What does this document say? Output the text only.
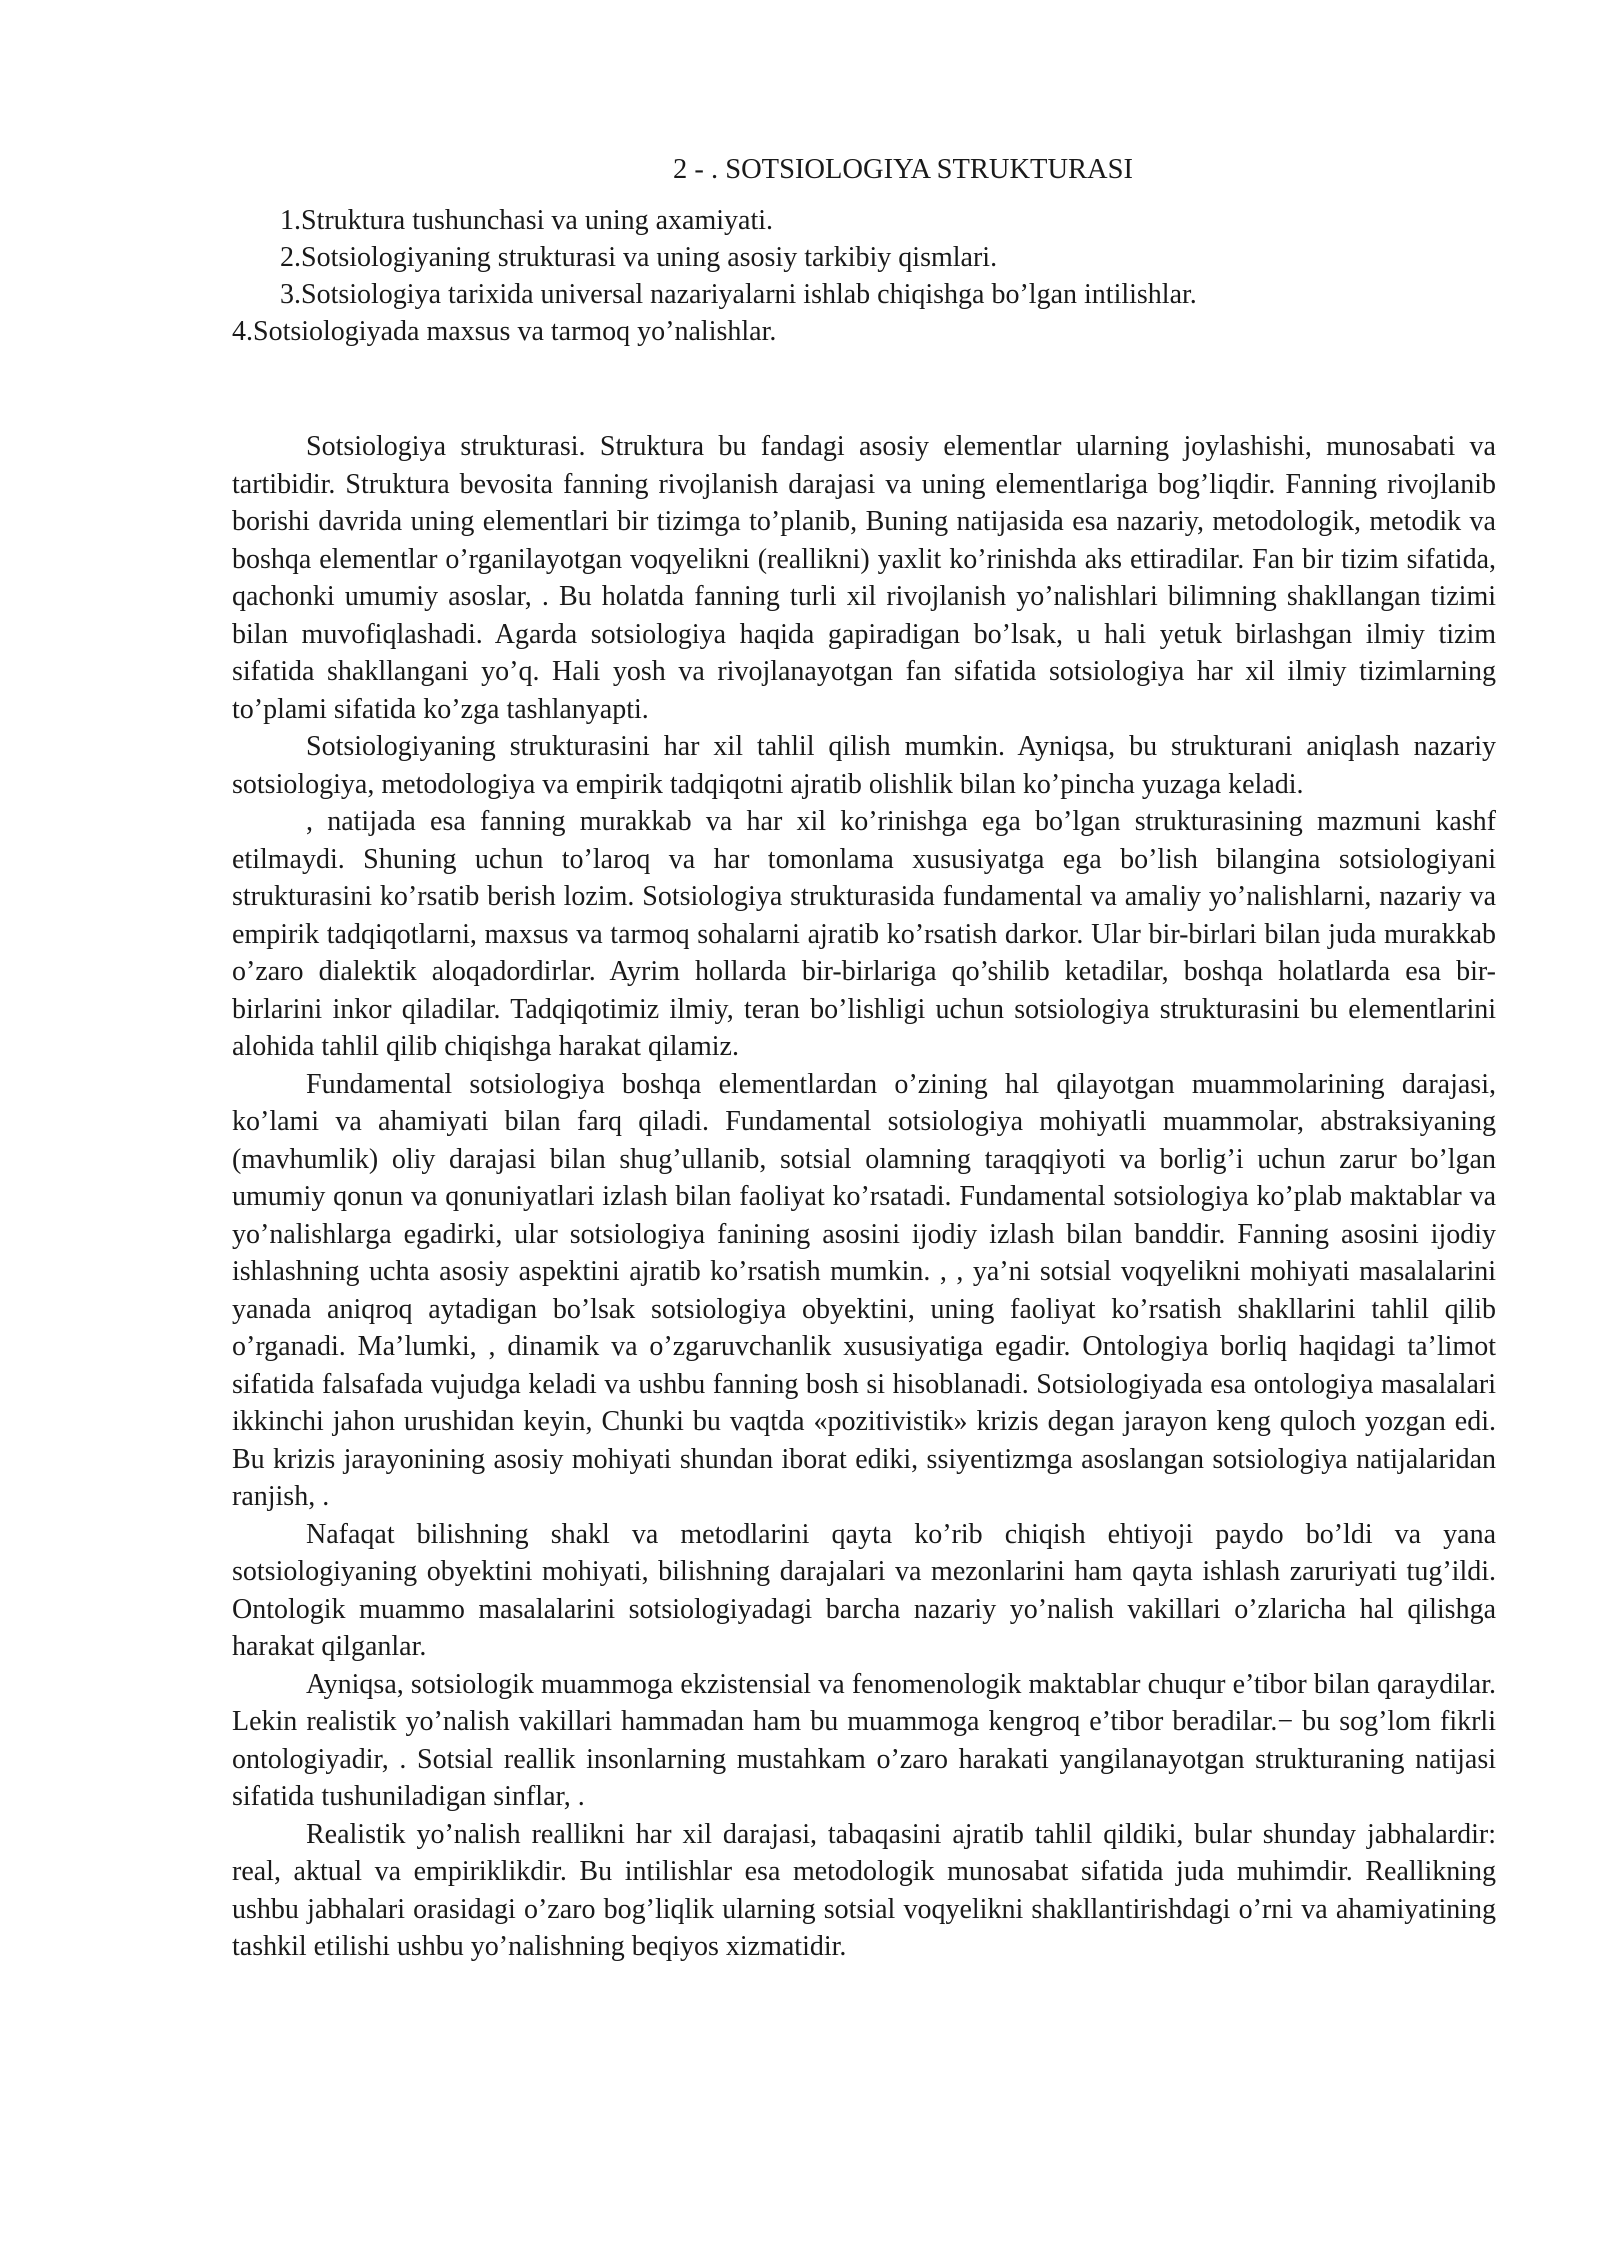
2 - . SOTSIOLOGIYA STRUKTURASI
1.Struktura tushunchasi va uning axamiyati.
2.Sotsiologiyaning strukturasi va uning asosiy tarkibiy qismlari.
3.Sotsiologiya tarixida universal nazariyalarni ishlab chiqishga bo’lgan intilishlar.
4.Sotsiologiyada maxsus va tarmoq yo’nalishlar.

Sotsiologiya strukturasi. Struktura bu fandagi asosiy elementlar ularning joylashishi, munosabati va tartibidir. Struktura bevosita fanning rivojlanish darajasi va uning elementlariga bog’liqdir. Fanning rivojlanib borishi davrida uning elementlari bir tizimga to’planib, Buning natijasida esa nazariy, metodologik, metodik va boshqa elementlar o’rganilayotgan voqyelikni (reallikni) yaxlit ko’rinishda aks ettiradilar. Fan bir tizim sifatida, qachonki umumiy asoslar, . Bu holatda fanning turli xil rivojlanish yo’nalishlari bilimning shakllangan tizimi bilan muvofiqlashadi. Agarda sotsiologiya haqida gapiradigan bo’lsak, u hali yetuk birlashgan ilmiy tizim sifatida shakllangani yo’q. Hali yosh va rivojlanayotgan fan sifatida sotsiologiya har xil ilmiy tizimlarning to’plami sifatida ko’zga tashlanyapti.

Sotsiologiyaning strukturasini har xil tahlil qilish mumkin. Ayniqsa, bu strukturani aniqlash nazariy sotsiologiya, metodologiya va empirik tadqiqotni ajratib olishlik bilan ko’pincha yuzaga keladi.

, natijada esa fanning murakkab va har xil ko’rinishga ega bo’lgan strukturasining mazmuni kashf etilmaydi. Shuning uchun to’laroq va har tomonlama xususiyatga ega bo’lish bilangina sotsiologiyani strukturasini ko’rsatib berish lozim. Sotsiologiya strukturasida fundamental va amaliy yo’nalishlarni, nazariy va empirik tadqiqotlarni, maxsus va tarmoq sohalarni ajratib ko’rsatish darkor. Ular bir-birlari bilan juda murakkab o’zaro dialektik aloqadordirlar. Ayrim hollarda bir-birlariga qo’shilib ketadilar, boshqa holatlarda esa bir-birlarini inkor qiladilar. Tadqiqotimiz ilmiy, teran bo’lishligi uchun sotsiologiya strukturasini bu elementlarini alohida tahlil qilib chiqishga harakat qilamiz.

Fundamental sotsiologiya boshqa elementlardan o’zining hal qilayotgan muammolarining darajasi, ko’lami va ahamiyati bilan farq qiladi. Fundamental sotsiologiya mohiyatli muammolar, abstraksiyaning (mavhumlik) oliy darajasi bilan shug’ullanib, sotsial olamning taraqqiyoti va borlig’i uchun zarur bo’lgan umumiy qonun va qonuniyatlari izlash bilan faoliyat ko’rsatadi. Fundamental sotsiologiya ko’plab maktablar va yo’nalishlarga egadirki, ular sotsiologiya fanining asosini ijodiy izlash bilan banddir. Fanning asosini ijodiy ishlashning uchta asosiy aspektini ajratib ko’rsatish mumkin. , , ya’ni sotsial voqyelikni mohiyati masalalarini yanada aniqroq aytadigan bo’lsak sotsiologiya obyektini, uning faoliyat ko’rsatish shakllarini tahlil qilib o’rganadi. Ma’lumki, , dinamik va o’zgaruvchanlik xususiyatiga egadir. Ontologiya borliq haqidagi ta’limot sifatida falsafada vujudga keladi va ushbu fanning bosh si hisoblanadi. Sotsiologiyada esa ontologiya masalalari ikkinchi jahon urushidan keyin, Chunki bu vaqtda «pozitivistik» krizis degan jarayon keng quloch yozgan edi. Bu krizis jarayonining asosiy mohiyati shundan iborat ediki, ssiyentizmga asoslangan sotsiologiya natijalaridan ranjish, .

Nafaqat bilishning shakl va metodlarini qayta ko’rib chiqish ehtiyoji paydo bo’ldi va yana sotsiologiyaning obyektini mohiyati, bilishning darajalari va mezonlarini ham qayta ishlash zaruriyati tug’ildi. Ontologik muammo masalalarini sotsiologiyadagi barcha nazariy yo’nalish vakillari o’zlaricha hal qilishga harakat qilganlar.

Ayniqsa, sotsiologik muammoga ekzistensial va fenomenologik maktablar chuqur e’tibor bilan qaraydilar. Lekin realistik yo’nalish vakillari hammadan ham bu muammoga kengroq e’tibor beradilar.− bu sog’lom fikrli ontologiyadir, . Sotsial reallik insonlarning mustahkam o’zaro harakati yangilanayotgan strukturaning natijasi sifatida tushuniladigan sinflar, .

Realistik yo’nalish reallikni har xil darajasi, tabaqasini ajratib tahlil qildiki, bular shunday jabhalardir: real, aktual va empiriklikdir. Bu intilishlar esa metodologik munosabat sifatida juda muhimdir. Reallikning ushbu jabhalari orasidagi o’zaro bog’liqlik ularning sotsial voqyelikni shakllantirishdagi o’rni va ahamiyatining tashkil etilishi ushbu yo’nalishning beqiyos xizmatidir.
